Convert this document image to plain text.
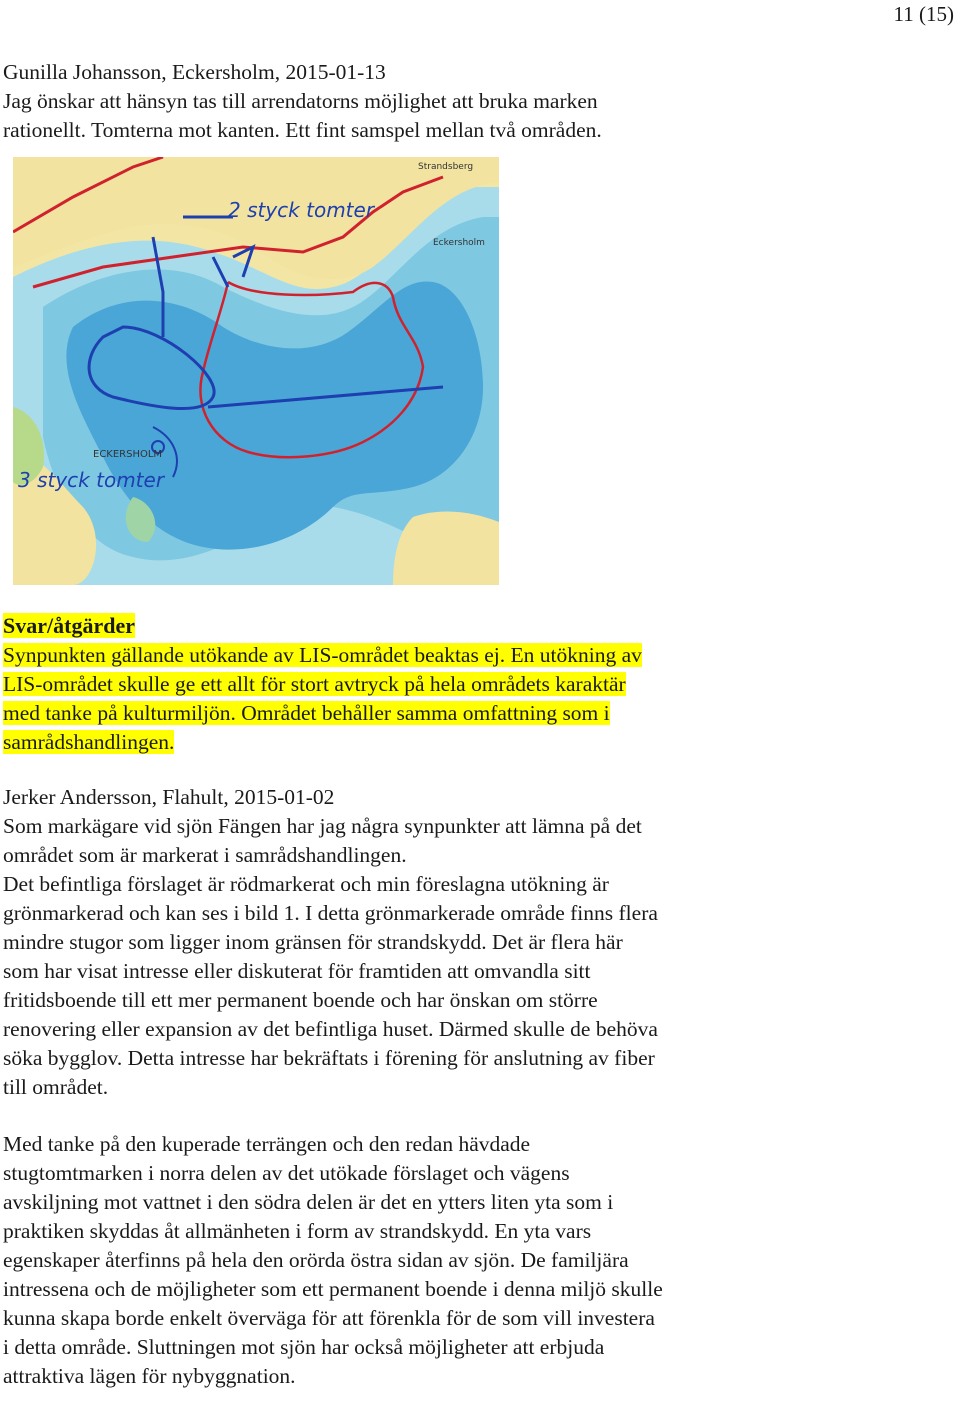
11 (15)
Gunilla Johansson, Eckersholm, 2015-01-13
Jag önskar att hänsyn tas till arrendatorns möjlighet att bruka marken
rationellt. Tomterna mot kanten. Ett fint samspel mellan två områden.
2 styck tomter
3 styck tomter
Strandsberg
Eckersholm
ECKERSHOLM
Svar/åtgärder
Synpunkten gällande utökande av LIS-området beaktas ej. En utökning av
LIS-området skulle ge ett allt för stort avtryck på hela områdets karaktär
med tanke på kulturmiljön. Området behåller samma omfattning som i
samrådshandlingen.
Jerker Andersson, Flahult, 2015-01-02
Som markägare vid sjön Fängen har jag några synpunkter att lämna på det
området som är markerat i samrådshandlingen.
Det befintliga förslaget är rödmarkerat och min föreslagna utökning är
grönmarkerad och kan ses i bild 1. I detta grönmarkerade område finns flera
mindre stugor som ligger inom gränsen för strandskydd. Det är flera här
som har visat intresse eller diskuterat för framtiden att omvandla sitt
fritidsboende till ett mer permanent boende och har önskan om större
renovering eller expansion av det befintliga huset. Därmed skulle de behöva
söka bygglov. Detta intresse har bekräftats i förening för anslutning av fiber
till området.
Med tanke på den kuperade terrängen och den redan hävdade
stugtomtmarken i norra delen av det utökade förslaget och vägens
avskiljning mot vattnet i den södra delen är det en ytters liten yta som i
praktiken skyddas åt allmänheten i form av strandskydd. En yta vars
egenskaper återfinns på hela den orörda östra sidan av sjön. De familjära
intressena och de möjligheter som ett permanent boende i denna miljö skulle
kunna skapa borde enkelt överväga för att förenkla för de som vill investera
i detta område. Sluttningen mot sjön har också möjligheter att erbjuda
attraktiva lägen för nybyggnation.
